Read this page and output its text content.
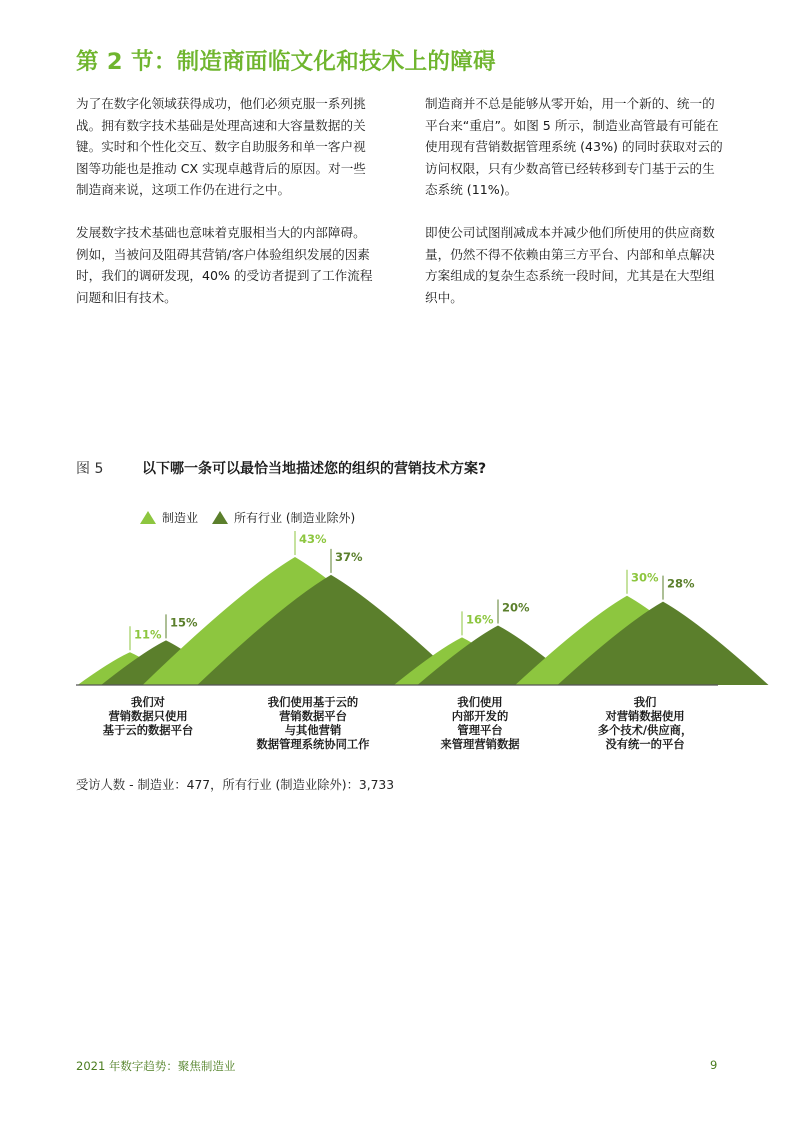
第 2 节：制造商面临文化和技术上的障碍

为了在数字化领域获得成功，他们必须克服一系列挑战。拥有数字技术基础是处理高速和大容量数据的关键。实时和个性化交互、数字自助服务和单一客户视图等功能也是推动 CX 实现卓越背后的原因。对一些制造商来说，这项工作仍在进行之中。

发展数字技术基础也意味着克服相当大的内部障碍。例如，当被问及阻碍其营销/客户体验组织发展的因素时，我们的调研发现，40% 的受访者提到了工作流程问题和旧有技术。

制造商并不总是能够从零开始，用一个新的、统一的平台来“重启”。如图 5 所示，制造业高管最有可能在使用现有营销数据管理系统 (43%) 的同时获取对云的访问权限，只有少数高管已经转移到专门基于云的生态系统 (11%)。

即使公司试图削减成本并减少他们所使用的供应商数量，仍然不得不依赖由第三方平台、内部和单点解决方案组成的复杂生态系统一段时间，尤其是在大型组织中。

图 5	以下哪一条可以最恰当地描述您的组织的营销技术方案?
制造业	所有行业 (制造业除外)
11%
15%
43%
37%
16%
20%
30% 28%
我们对
营销数据只使用
基于云的数据平台
我们使用基于云的
营销数据平台
与其他营销
数据管理系统协同工作
我们使用
内部开发的
管理平台
来管理营销数据
我们
对营销数据使用
多个技术/供应商，
没有统一的平台
受访人数 - 制造业：477，所有行业 (制造业除外)：3,733
2021 年数字趋势：聚焦制造业	9
